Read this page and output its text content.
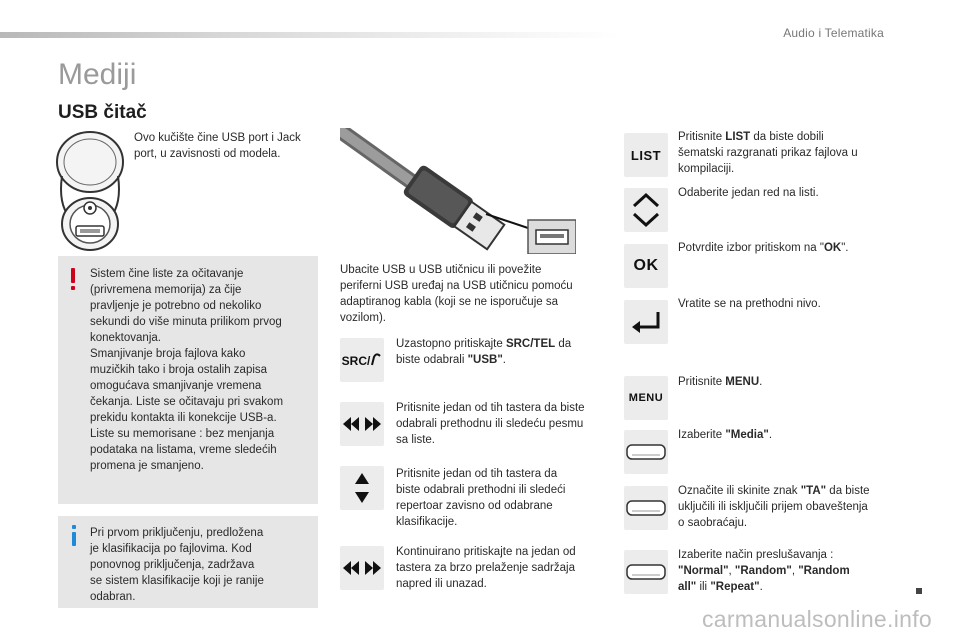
Audio i Telematika
Mediji
USB čitač
Ovo kučište čine USB port i Jack
port, u zavisnosti od modela.
Sistem čine liste za očitavanje
(privremena memorija) za čije
pravljenje je potrebno od nekoliko
sekundi do više minuta prilikom prvog
konektovanja.
Smanjivanje broja fajlova kako
muzičkih tako i broja ostalih zapisa
omogućava smanjivanje vremena
čekanja. Liste se očitavaju pri svakom
prekidu kontakta ili konekcije USB-a.
Liste su memorisane : bez menjanja
podataka na listama, vreme sledećih
promena je smanjeno.
Pri prvom priključenju, predložena
je klasifikacija po fajlovima. Kod
ponovnog priključenja, zadržava
se sistem klasifikacije koji je ranije
odabran.
Ubacite USB u USB utičnicu ili povežite
periferni USB uređaj na USB utičnicu pomoću
adaptiranog kabla (koji se ne isporučuje sa
vozilom).
SRC/
Uzastopno pritiskajte SRC/TEL da
biste odabrali "USB".
Pritisnite jedan od tih tastera da biste
odabrali prethodnu ili sledeću pesmu
sa liste.
Pritisnite jedan od tih tastera da
biste odabrali prethodni ili sledeći
repertoar zavisno od odabrane
klasifikacije.
Kontinuirano pritiskajte na jedan od
tastera za brzo prelaženje sadržaja
napred ili unazad.
LIST
Pritisnite LIST da biste dobili
šematski razgranati prikaz fajlova u
kompilaciji.
Odaberite jedan red na listi.
OK
Potvrdite izbor pritiskom na "OK".
Vratite se na prethodni nivo.
MENU
Pritisnite MENU.
Izaberite "Media".
Označite ili skinite znak "TA" da biste
uključili ili isključili prijem obaveštenja
o saobraćaju.
Izaberite način preslušavanja :
"Normal", "Random", "Random
all" ili "Repeat".
carmanualsonline.info
